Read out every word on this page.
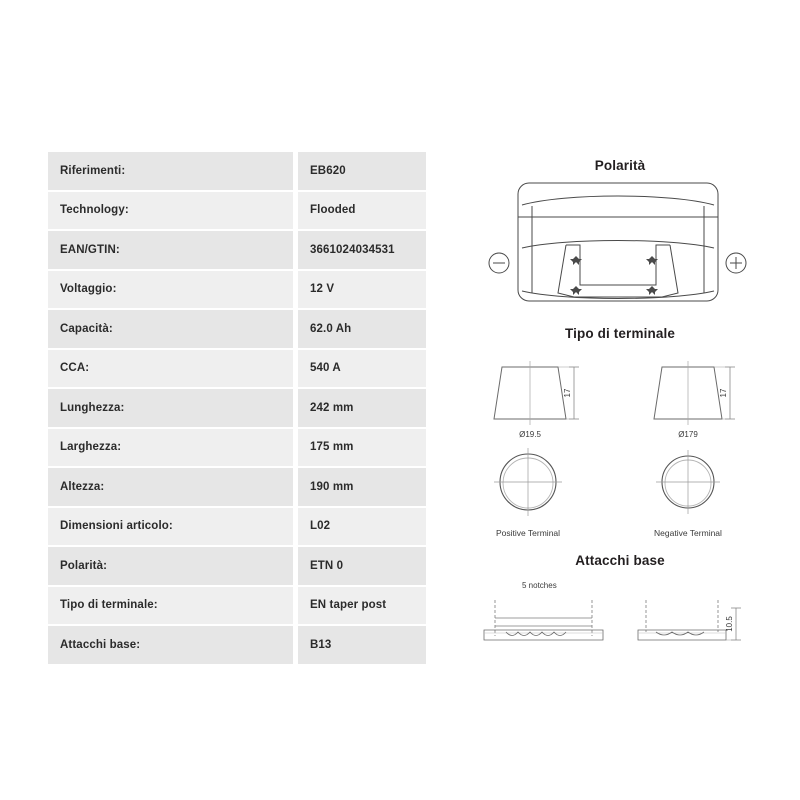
Riferimenti:	EB620
Technology:	Flooded
EAN/GTIN:	3661024034531
Voltaggio:	12 V
Capacità:	62.0 Ah
CCA:	540 A
Lunghezza:	242 mm
Larghezza:	175 mm
Altezza:	190 mm
Dimensioni articolo:	L02
Polarità:	ETN 0
Tipo di terminale:	EN taper post
Attacchi base:	B13
Polarità
Tipo di terminale
17
Ø19.5
17
Ø179
Positive Terminal	Negative Terminal
Attacchi base
5 notches
10.5
